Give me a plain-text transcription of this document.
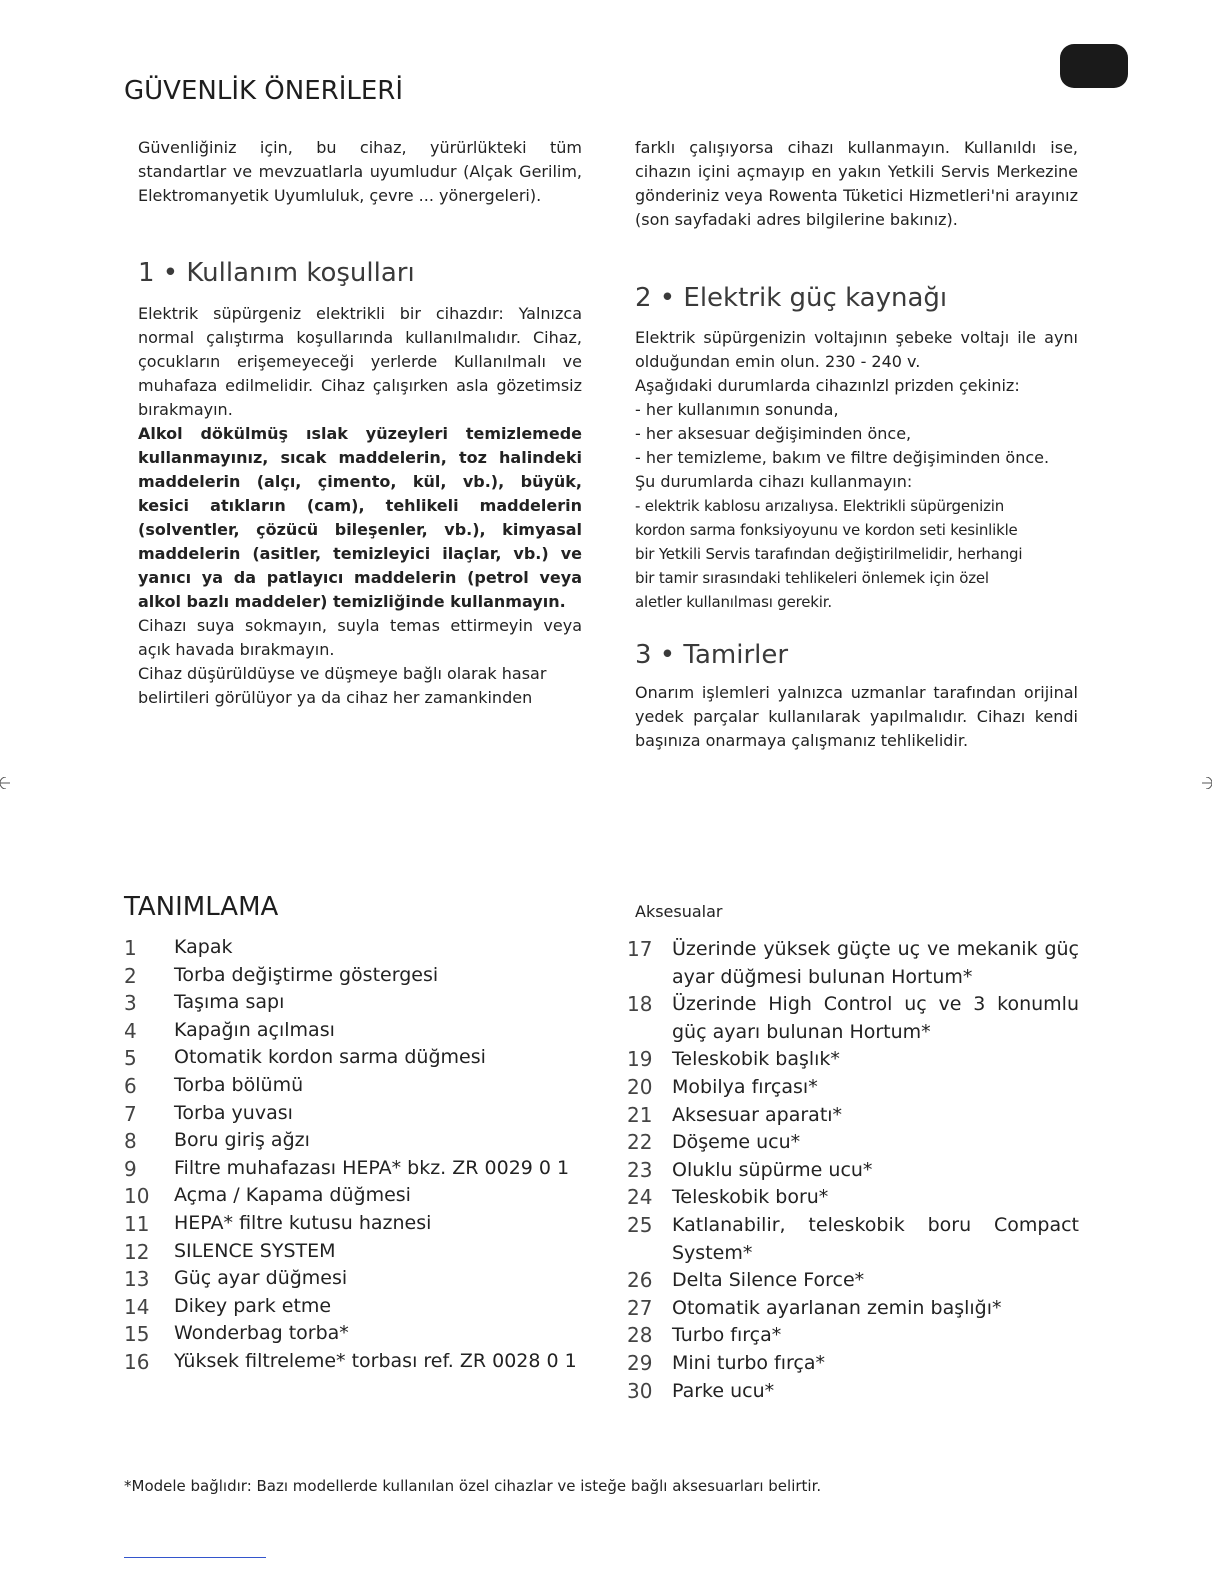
GÜVENLİK ÖNERİLERİ

Güvenliğiniz için, bu cihaz, yürürlükteki tüm standartlar ve mevzuatlarla uyumludur (Alçak Gerilim, Elektromanyetik Uyumluluk, çevre ... yönergeleri).

1 • Kullanım koşulları

Elektrik süpürgeniz elektrikli bir cihazdır: Yalnızca normal çalıştırma koşullarında kullanılmalıdır. Cihaz, çocukların erişemeyeceği yerlerde Kullanılmalı ve muhafaza edilmelidir. Cihaz çalışırken asla gözetimsiz bırakmayın.

Alkol dökülmüş ıslak yüzeyleri temizlemede kullanmayınız, sıcak maddelerin, toz halindeki maddelerin (alçı, çimento, kül, vb.), büyük, kesici atıkların (cam), tehlikeli maddelerin (solventler, çözücü bileşenler, vb.), kimyasal maddelerin (asitler, temizleyici ilaçlar, vb.) ve yanıcı ya da patlayıcı maddelerin (petrol veya alkol bazlı maddeler) temizliğinde kullanmayın.

Cihazı suya sokmayın, suyla temas ettirmeyin veya açık havada bırakmayın.

Cihaz düşürüldüyse ve düşmeye bağlı olarak hasar belirtileri görülüyor ya da cihaz her zamankinden

farklı çalışıyorsa cihazı kullanmayın. Kullanıldı ise, cihazın içini açmayıp en yakın Yetkili Servis Merkezine gönderiniz veya Rowenta Tüketici Hizmetleri'ni arayınız (son sayfadaki adres bilgilerine bakınız).

2 • Elektrik güç kaynağı

Elektrik süpürgenizin voltajının şebeke voltajı ile aynı olduğundan emin olun. 230 - 240 v.

Aşağıdaki durumlarda cihazınlzl prizden çekiniz:
- her kullanımın sonunda,
- her aksesuar değişiminden önce,
- her temizleme, bakım ve filtre değişiminden önce.
Şu durumlarda cihazı kullanmayın:
- elektrik kablosu arızalıysa. Elektrikli süpürgenizin
kordon sarma fonksiyoyunu ve kordon seti kesinlikle
bir Yetkili Servis tarafından değiştirilmelidir, herhangi
bir tamir sırasındaki tehlikeleri önlemek için özel
aletler kullanılması gerekir.
3 • Tamirler

Onarım işlemleri yalnızca uzmanlar tarafından orijinal yedek parçalar kullanılarak yapılmalıdır. Cihazı kendi başınıza onarmaya çalışmanız tehlikelidir.

TANIMLAMA
1	Kapak
2	Torba değiştirme göstergesi
3	Taşıma sapı
4	Kapağın açılması
5	Otomatik kordon sarma düğmesi
6	Torba bölümü
7	Torba yuvası
8	Boru giriş ağzı
9	Filtre muhafazası HEPA* bkz. ZR 0029 0 1
10	Açma / Kapama düğmesi
11	HEPA* filtre kutusu haznesi
12	SILENCE SYSTEM
13	Güç ayar düğmesi
14	Dikey park etme
15	Wonderbag torba*
16	Yüksek filtreleme* torbası ref. ZR 0028 0 1
Aksesualar
17	Üzerinde yüksek güçte uç ve mekanik güç ayar düğmesi bulunan Hortum*
18	Üzerinde High Control uç ve 3 konumlu güç ayarı bulunan Hortum*
19	Teleskobik başlık*
20	Mobilya fırçası*
21	Aksesuar aparatı*
22	Döşeme ucu*
23	Oluklu süpürme ucu*
24	Teleskobik boru*
25	Katlanabilir, teleskobik boru Compact System*
26	Delta Silence Force*
27	Otomatik ayarlanan zemin başlığı*
28	Turbo fırça*
29	Mini turbo fırça*
30	Parke ucu*
*Modele bağlıdır: Bazı modellerde kullanılan özel cihazlar ve isteğe bağlı aksesuarları belirtir.
